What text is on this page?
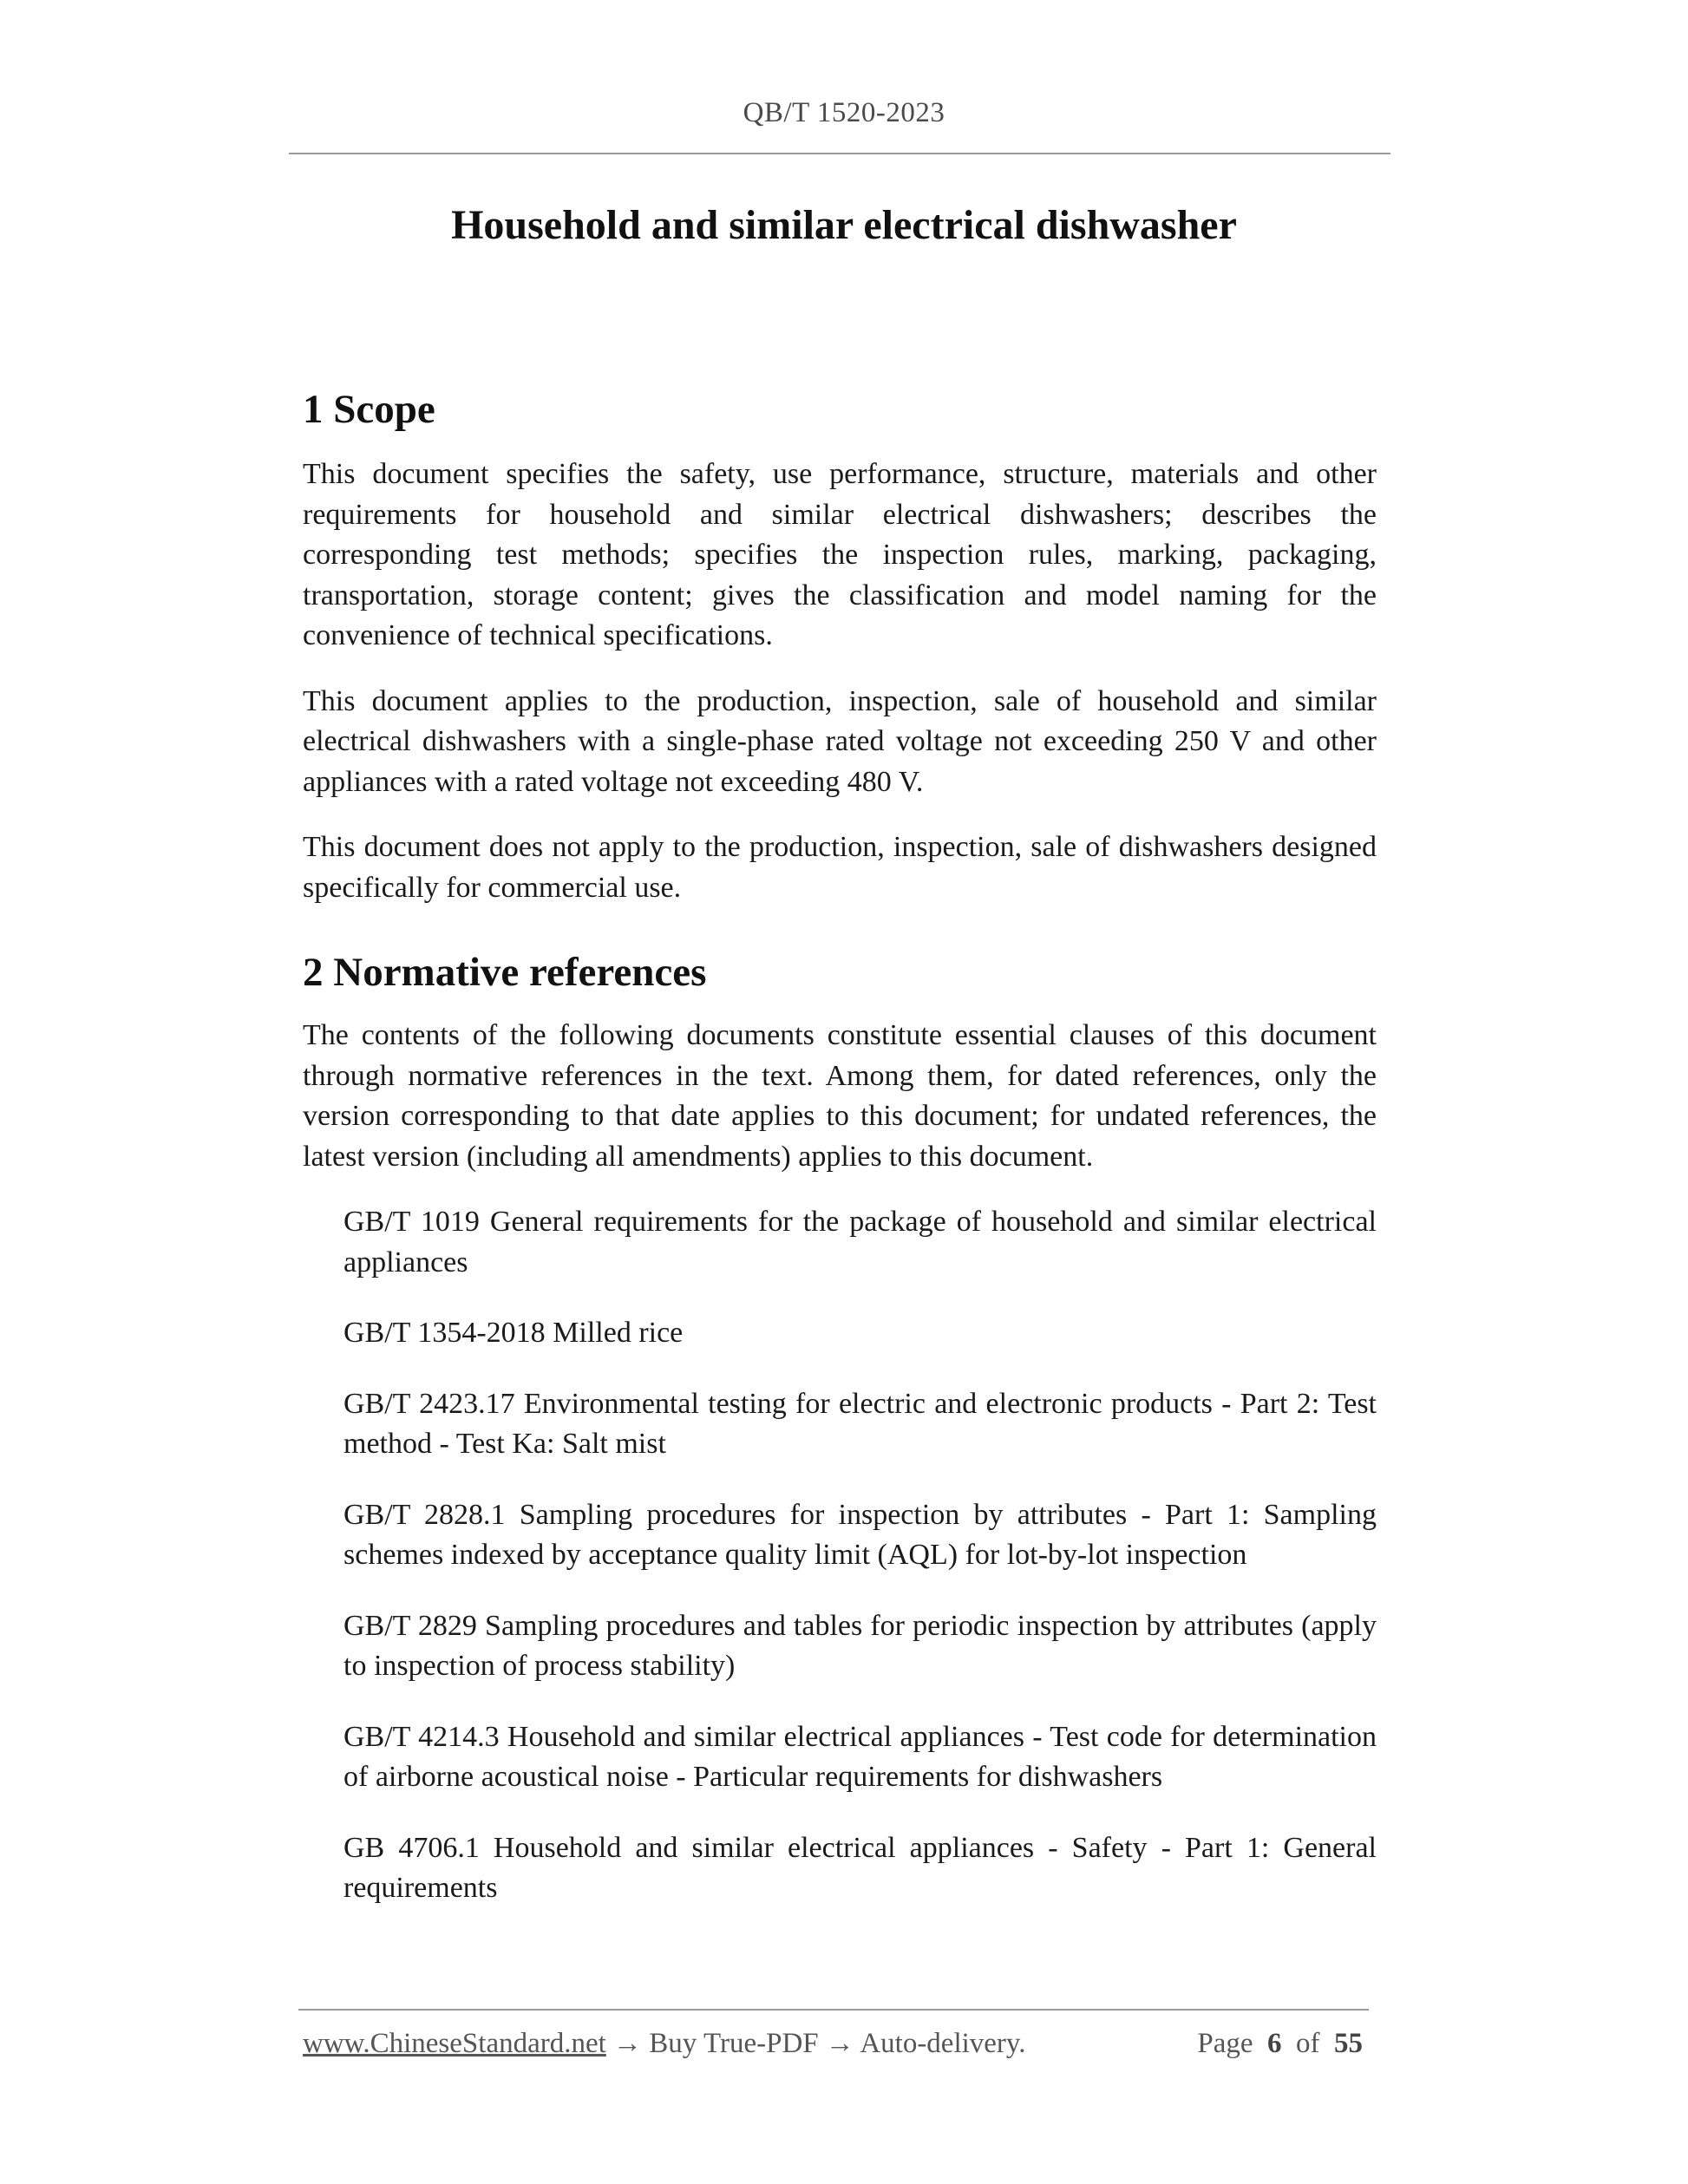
QB/T 1520-2023
Household and similar electrical dishwasher
1 Scope

This document specifies the safety, use performance, structure, materials and other requirements for household and similar electrical dishwashers; describes the corresponding test methods; specifies the inspection rules, marking, packaging, transportation, storage content; gives the classification and model naming for the convenience of technical specifications.

This document applies to the production, inspection, sale of household and similar electrical dishwashers with a single-phase rated voltage not exceeding 250 V and other appliances with a rated voltage not exceeding 480 V.

This document does not apply to the production, inspection, sale of dishwashers designed specifically for commercial use.

2 Normative references

The contents of the following documents constitute essential clauses of this document through normative references in the text. Among them, for dated references, only the version corresponding to that date applies to this document; for undated references, the latest version (including all amendments) applies to this document.

GB/T 1019 General requirements for the package of household and similar electrical appliances

GB/T 1354-2018 Milled rice

GB/T 2423.17 Environmental testing for electric and electronic products - Part 2: Test method - Test Ka: Salt mist

GB/T 2828.1 Sampling procedures for inspection by attributes - Part 1: Sampling schemes indexed by acceptance quality limit (AQL) for lot-by-lot inspection

GB/T 2829 Sampling procedures and tables for periodic inspection by attributes (apply to inspection of process stability)

GB/T 4214.3 Household and similar electrical appliances - Test code for determination of airborne acoustical noise - Particular requirements for dishwashers

GB 4706.1 Household and similar electrical appliances - Safety - Part 1: General requirements

www.ChineseStandard.net → Buy True-PDF → Auto-delivery.	Page 6 of 55
